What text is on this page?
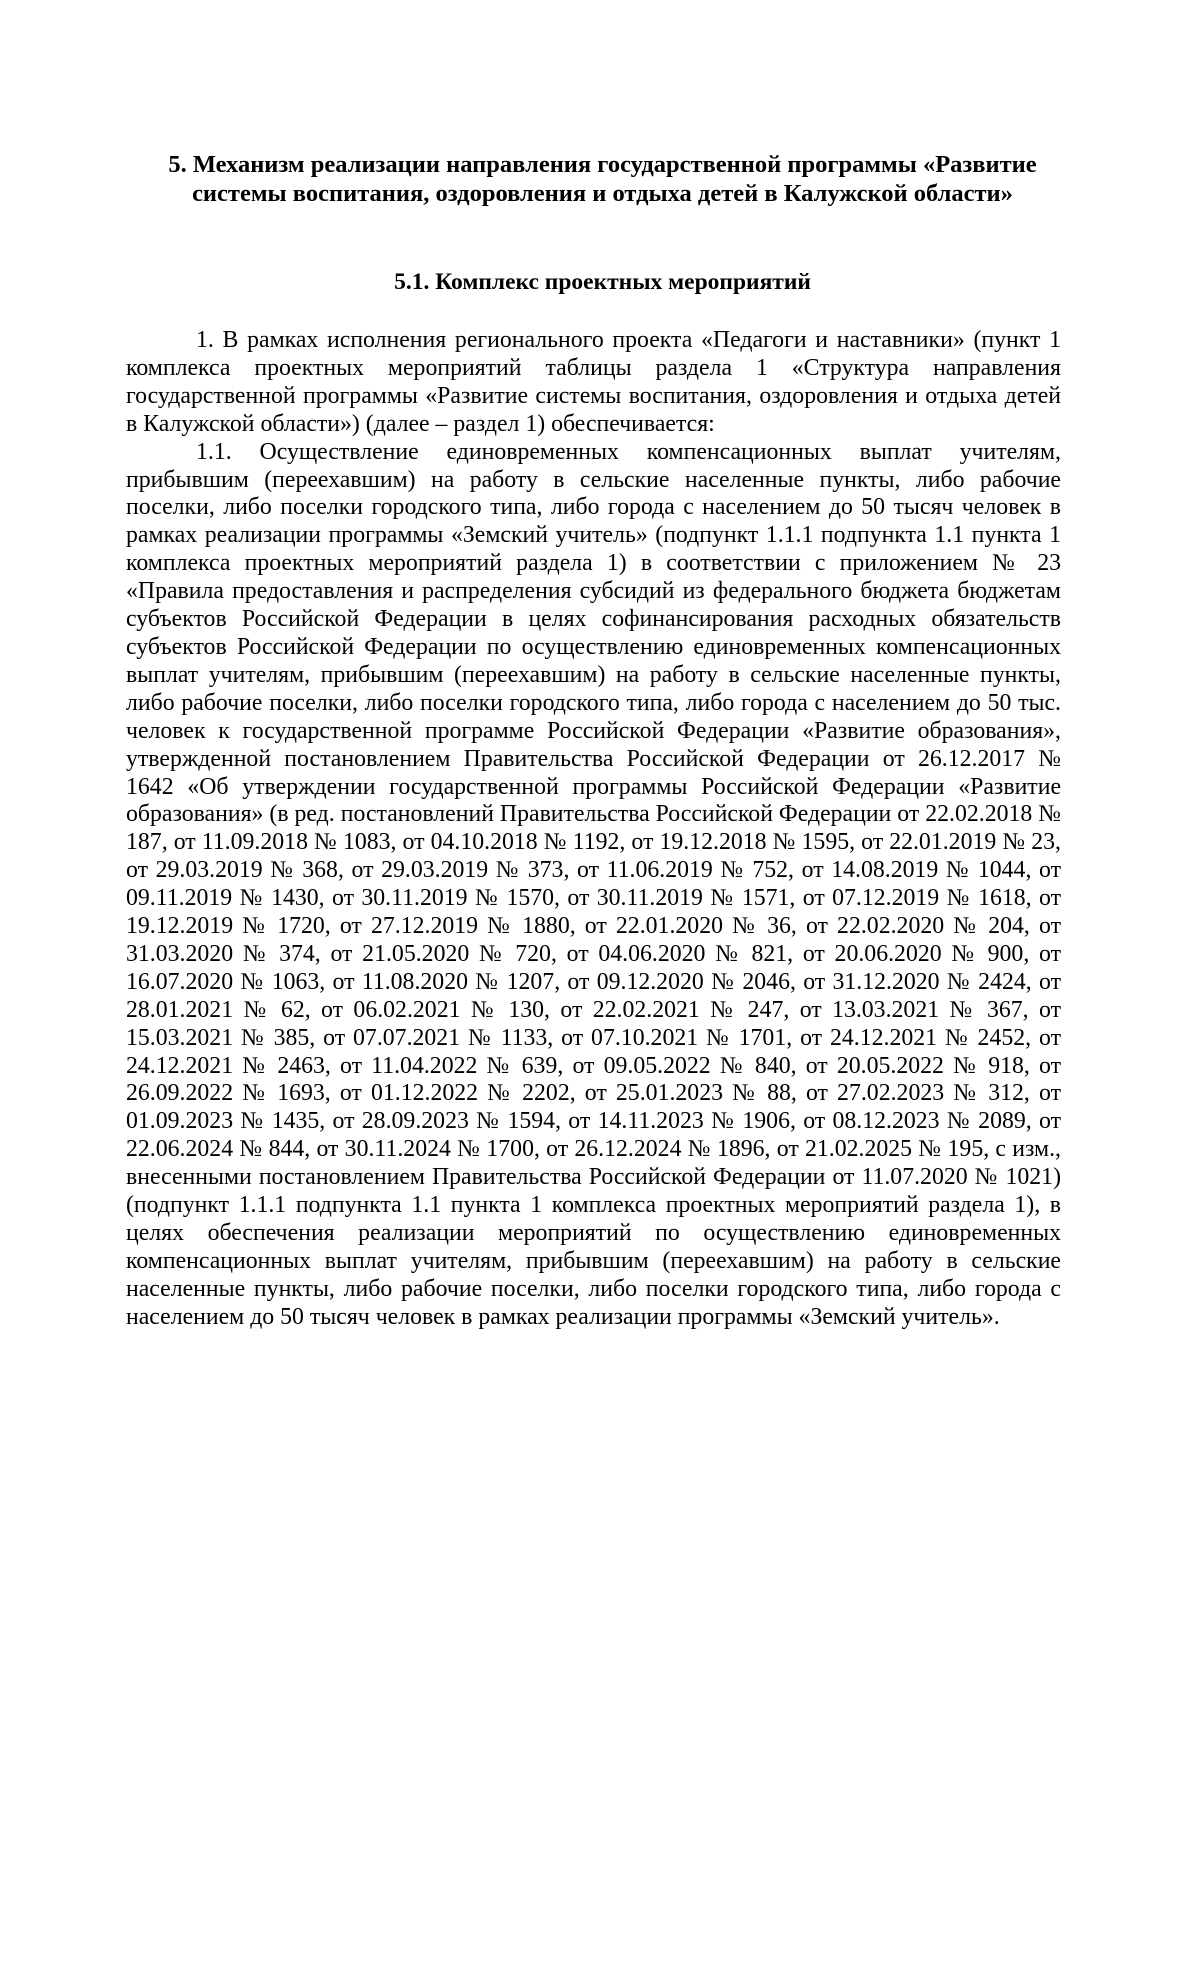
5. Механизм реализации направления государственной программы «Развитие системы воспитания, оздоровления и отдыха детей в Калужской области»
5.1. Комплекс проектных мероприятий

1. В рамках исполнения регионального проекта «Педагоги и наставники» (пункт 1 комплекса проектных мероприятий таблицы раздела 1 «Структура направления государственной программы «Развитие системы воспитания, оздоровления и отдыха детей в Калужской области») (далее – раздел 1) обеспечивается:

1.1. Осуществление единовременных компенсационных выплат учителям, прибывшим (переехавшим) на работу в сельские населенные пункты, либо рабочие поселки, либо поселки городского типа, либо города с населением до 50 тысяч человек в рамках реализации программы «Земский учитель» (подпункт 1.1.1 подпункта 1.1 пункта 1 комплекса проектных мероприятий раздела 1) в соответствии с приложением № 23 «Правила предоставления и распределения субсидий из федерального бюджета бюджетам субъектов Российской Федерации в целях софинансирования расходных обязательств субъектов Российской Федерации по осуществлению единовременных компенсационных выплат учителям, прибывшим (переехавшим) на работу в сельские населенные пункты, либо рабочие поселки, либо поселки городского типа, либо города с населением до 50 тыс. человек к государственной программе Российской Федерации «Развитие образования», утвержденной постановлением Правительства Российской Федерации от 26.12.2017 № 1642 «Об утверждении государственной программы Российской Федерации «Развитие образования» (в ред. постановлений Правительства Российской Федерации от 22.02.2018 № 187, от 11.09.2018 № 1083, от 04.10.2018 № 1192, от 19.12.2018 № 1595, от 22.01.2019 № 23, от 29.03.2019 № 368, от 29.03.2019 № 373, от 11.06.2019 № 752, от 14.08.2019 № 1044, от 09.11.2019 № 1430, от 30.11.2019 № 1570, от 30.11.2019 № 1571, от 07.12.2019 № 1618, от 19.12.2019 № 1720, от 27.12.2019 № 1880, от 22.01.2020 № 36, от 22.02.2020 № 204, от 31.03.2020 № 374, от 21.05.2020 № 720, от 04.06.2020 № 821, от 20.06.2020 № 900, от 16.07.2020 № 1063, от 11.08.2020 № 1207, от 09.12.2020 № 2046, от 31.12.2020 № 2424, от 28.01.2021 № 62, от 06.02.2021 № 130, от 22.02.2021 № 247, от 13.03.2021 № 367, от 15.03.2021 № 385, от 07.07.2021 № 1133, от 07.10.2021 № 1701, от 24.12.2021 № 2452, от 24.12.2021 № 2463, от 11.04.2022 № 639, от 09.05.2022 № 840, от 20.05.2022 № 918, от 26.09.2022 № 1693, от 01.12.2022 № 2202, от 25.01.2023 № 88, от 27.02.2023 № 312, от 01.09.2023 № 1435, от 28.09.2023 № 1594, от 14.11.2023 № 1906, от 08.12.2023 № 2089, от 22.06.2024 № 844, от 30.11.2024 № 1700, от 26.12.2024 № 1896, от 21.02.2025 № 195, с изм., внесенными постановлением Правительства Российской Федерации от 11.07.2020 № 1021) (подпункт 1.1.1 подпункта 1.1 пункта 1 комплекса проектных мероприятий раздела 1), в целях обеспечения реализации мероприятий по осуществлению единовременных компенсационных выплат учителям, прибывшим (переехавшим) на работу в сельские населенные пункты, либо рабочие поселки, либо поселки городского типа, либо города с населением до 50 тысяч человек в рамках реализации программы «Земский учитель».
